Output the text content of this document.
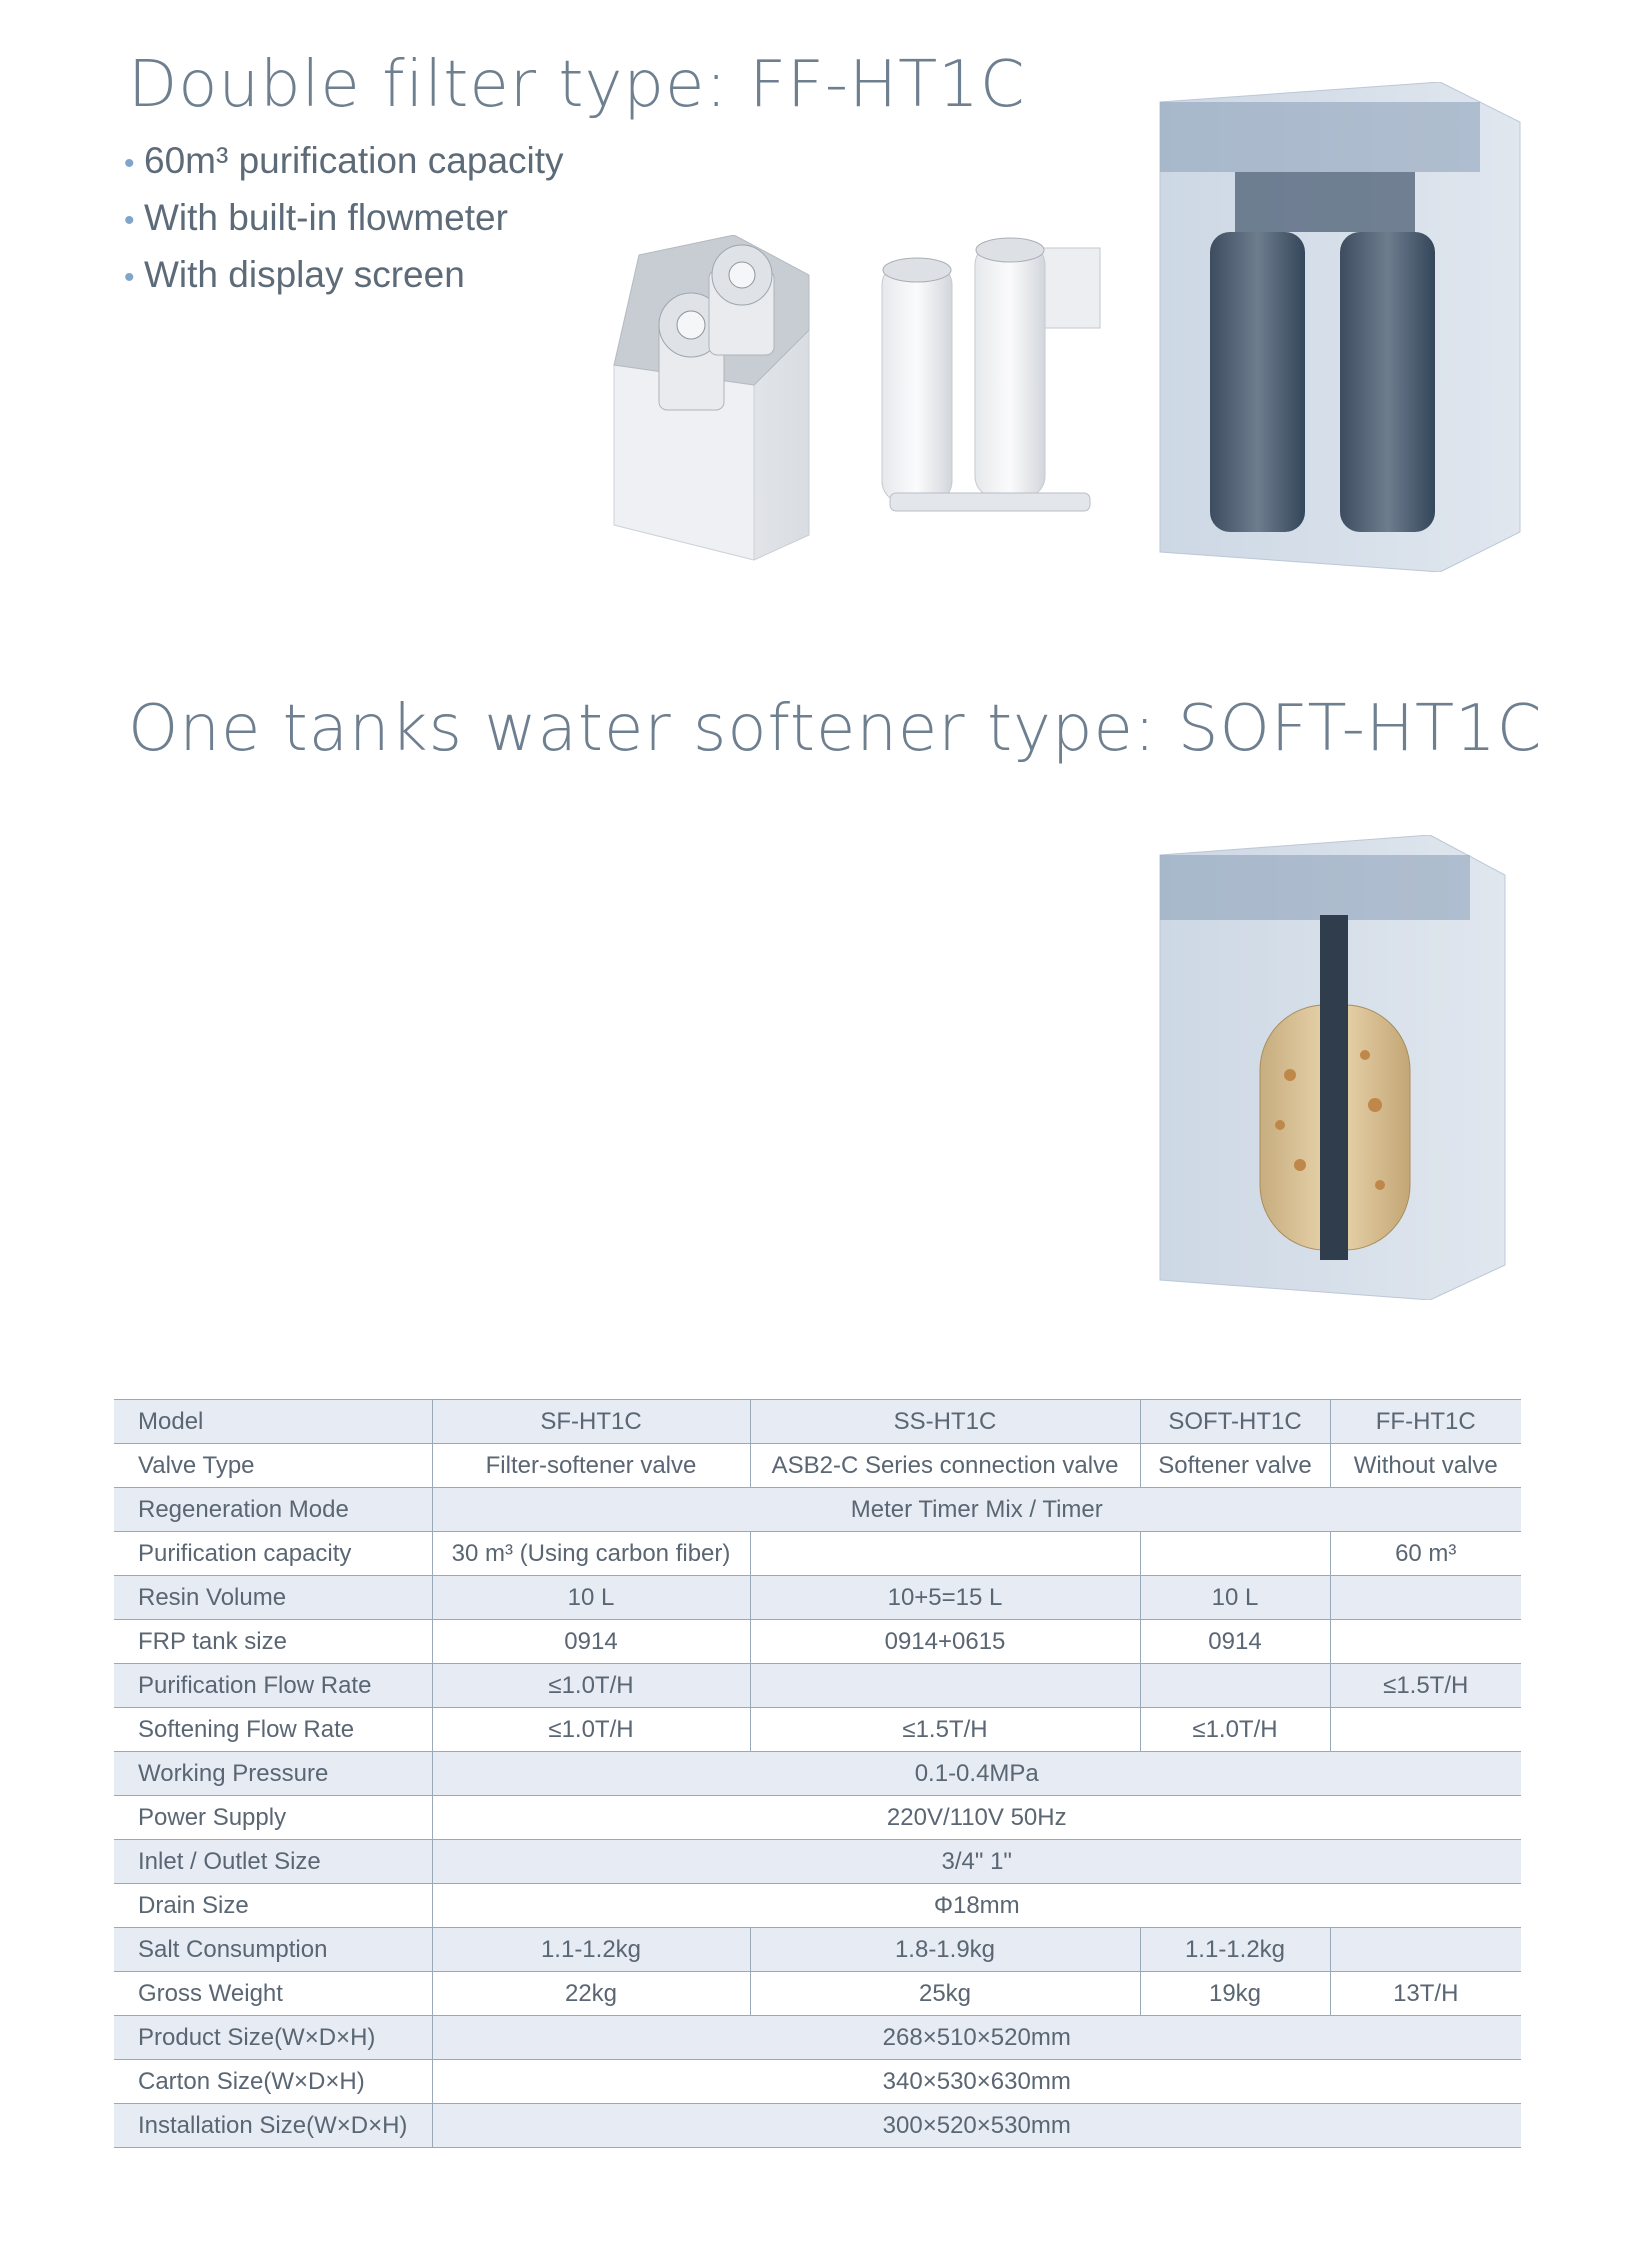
Double filter type: FF-HT1C
• 60m³ purification capacity
• With built-in flowmeter
• With display screen
One tanks water softener type: SOFT-HT1C
Model	SF-HT1C	SS-HT1C	SOFT-HT1C	FF-HT1C
Valve Type	Filter-softener valve	ASB2-C Series connection valve	Softener valve	Without valve
Regeneration Mode	Meter Timer Mix / Timer			
Purification capacity	30 m³ (Using carbon fiber)			60 m³
Resin Volume	10 L	10+5=15 L	10 L	
FRP tank size	0914	0914+0615	0914	
Purification Flow Rate	≤1.0T/H			≤1.5T/H
Softening Flow Rate	≤1.0T/H	≤1.5T/H	≤1.0T/H	
Working Pressure	0.1-0.4MPa			
Power Supply	220V/110V 50Hz			
Inlet / Outlet Size	3/4" 1"			
Drain Size	Φ18mm			
Salt Consumption	1.1-1.2kg	1.8-1.9kg	1.1-1.2kg	
Gross Weight	22kg	25kg	19kg	13T/H
Product Size(W×D×H)	268×510×520mm			
Carton Size(W×D×H)	340×530×630mm			
Installation Size(W×D×H)	300×520×530mm			
